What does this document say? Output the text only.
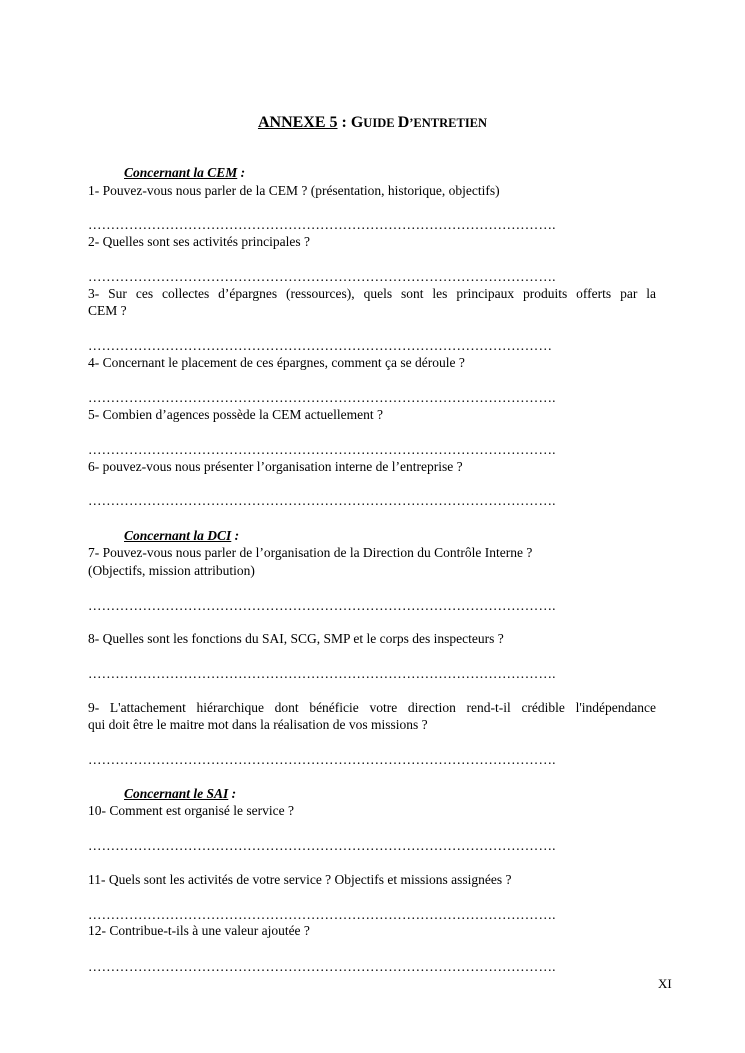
ANNEXE 5 : GUIDE D’ENTRETIEN
Concernant la CEM :
1- Pouvez-vous nous parler de la CEM ? (présentation, historique, objectifs)
………………………………………………………………………………………….
2- Quelles sont ses activités principales ?
………………………………………………………………………………………….
3- Sur ces collectes d’épargnes (ressources), quels sont les principaux produits offerts par la
CEM ?
…………………………………………………………………………………………
4- Concernant le placement de ces épargnes, comment ça se déroule ?
………………………………………………………………………………………….
5- Combien d’agences possède la CEM actuellement ?
………………………………………………………………………………………….
6- pouvez-vous nous présenter l’organisation interne de l’entreprise ?
………………………………………………………………………………………….
Concernant la DCI :
7- Pouvez-vous nous parler de l’organisation de la Direction du Contrôle Interne ?
(Objectifs, mission attribution)
………………………………………………………………………………………….
8- Quelles sont les fonctions du SAI, SCG, SMP et le corps des inspecteurs ?
………………………………………………………………………………………….
9- L'attachement hiérarchique dont bénéficie votre direction rend-t-il crédible l'indépendance
qui doit être le maitre mot dans la réalisation de vos missions ?
………………………………………………………………………………………….
Concernant le SAI :
10- Comment est organisé le service ?
………………………………………………………………………………………….
11- Quels sont les activités de votre service ? Objectifs et missions assignées ?
………………………………………………………………………………………….
12- Contribue-t-ils à une valeur ajoutée ?
………………………………………………………………………………………….
XI
